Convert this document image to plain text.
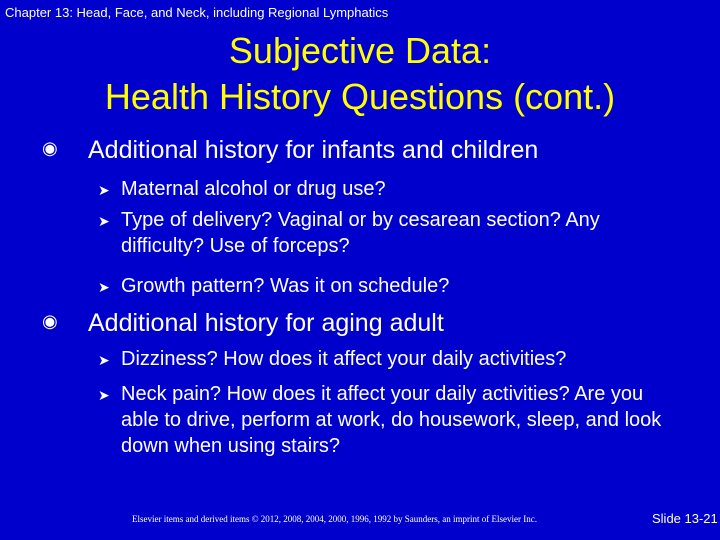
Chapter 13: Head, Face, and Neck, including Regional Lymphatics
Subjective Data:
Health History Questions (cont.)
◉ Additional history for infants and children
➤ Maternal alcohol or drug use?
➤ Type of delivery? Vaginal or by cesarean section? Any difficulty? Use of forceps?
➤ Growth pattern? Was it on schedule?
◉ Additional history for aging adult
➤ Dizziness? How does it affect your daily activities?
➤ Neck pain? How does it affect your daily activities? Are you able to drive, perform at work, do housework, sleep, and look down when using stairs?
Elsevier items and derived items © 2012, 2008, 2004, 2000, 1996, 1992 by Saunders, an imprint of Elsevier Inc.	Slide 13-21
